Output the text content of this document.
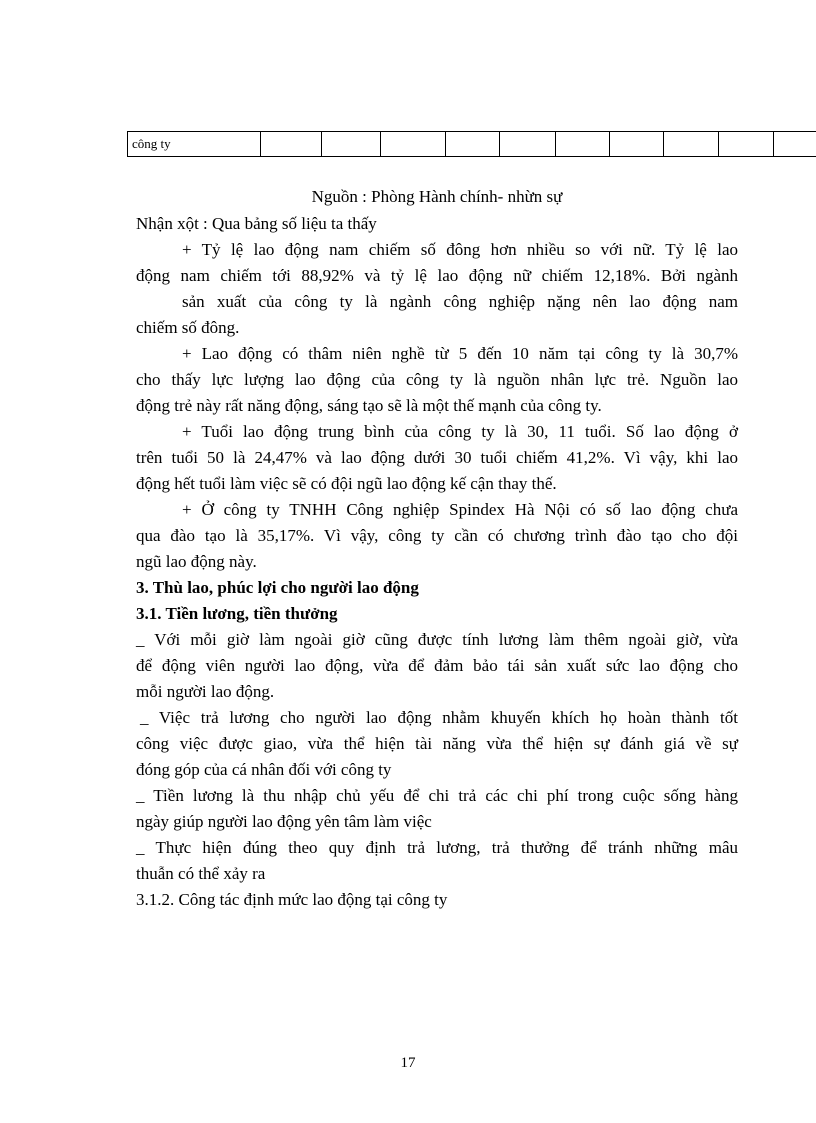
công ty										
Nguồn : Phòng Hành chính- nhừn sự
Nhận xột : Qua bảng số liệu ta thấy
+ Tỷ lệ lao động nam chiếm số đông hơn nhiều so với nữ. Tỷ lệ lao
động nam chiếm tới 88,92% và tỷ lệ lao động nữ chiếm 12,18%. Bởi ngành
sản xuất của công ty là ngành công nghiệp nặng nên lao động nam
chiếm số đông.
+ Lao động có thâm niên nghề từ 5 đến 10 năm tại công ty là 30,7%
cho thấy lực lượng lao động của công ty là nguồn nhân lực trẻ. Nguồn lao
động trẻ này rất năng động, sáng tạo sẽ là một thế mạnh của công ty.
+ Tuổi lao động trung bình của công ty là 30, 11 tuổi. Số lao động ở
trên tuổi 50 là 24,47% và lao động dưới 30 tuổi chiếm 41,2%. Vì vậy, khi lao
động hết tuổi làm việc sẽ có đội ngũ lao động kế cận thay thế.
+ Ở công ty TNHH Công nghiệp Spindex Hà Nội có số lao động chưa
qua đào tạo là 35,17%. Vì vậy, công ty cần có chương trình đào tạo cho đội
ngũ lao động này.
3. Thù lao, phúc lợi cho người lao động
3.1. Tiền lương, tiền thưởng
_ Với mỗi giờ làm ngoài giờ cũng được tính lương làm thêm ngoài giờ, vừa
để động viên người lao động, vừa để đảm bảo tái sản xuất sức lao động cho
mỗi người lao động.
_ Việc trả lương cho người lao động nhằm khuyến khích họ hoàn thành tốt
công việc được giao, vừa thể hiện tài năng vừa thể hiện sự đánh giá về sự
đóng góp của cá nhân đối với công ty
_ Tiền lương là thu nhập chủ yếu để chi trả các chi phí trong cuộc sống hàng
ngày giúp người lao động yên tâm làm việc
_ Thực hiện đúng theo quy định trả lương, trả thưởng để tránh những mâu
thuẫn có thể xảy ra
3.1.2. Công tác định mức lao động tại công ty
17
